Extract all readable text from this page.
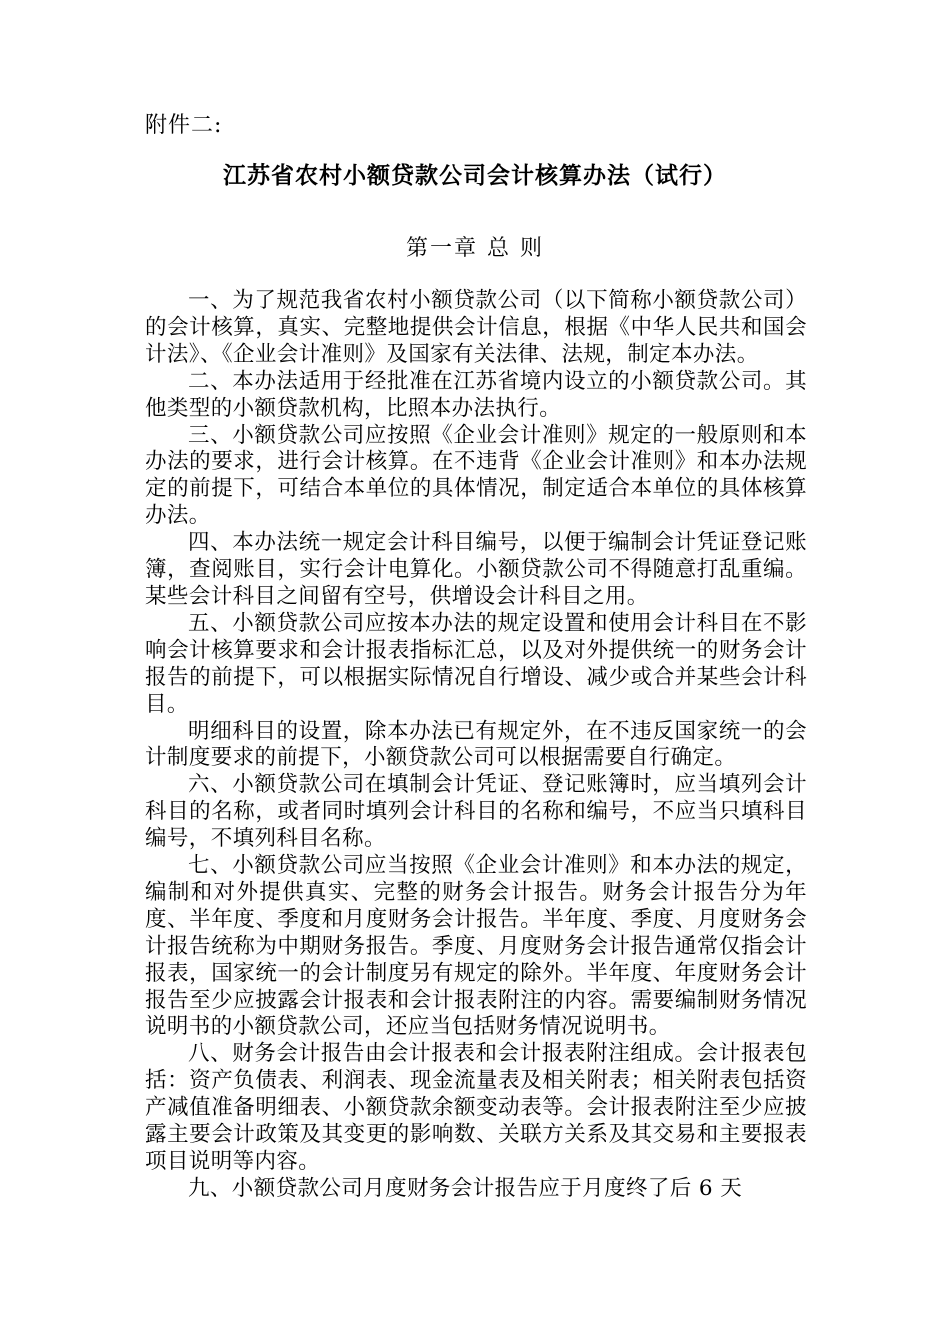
附件二:
江苏省农村小额贷款公司会计核算办法（试行）
第一章 总 则

一、为了规范我省农村小额贷款公司（以下简称小额贷款公司）的会计核算，真实、完整地提供会计信息，根据《中华人民共和国会计法》、《企业会计准则》及国家有关法律、法规，制定本办法。

二、本办法适用于经批准在江苏省境内设立的小额贷款公司。其他类型的小额贷款机构，比照本办法执行。

三、小额贷款公司应按照《企业会计准则》规定的一般原则和本办法的要求，进行会计核算。在不违背《企业会计准则》和本办法规定的前提下，可结合本单位的具体情况，制定适合本单位的具体核算办法。

四、本办法统一规定会计科目编号，以便于编制会计凭证登记账簿，查阅账目，实行会计电算化。小额贷款公司不得随意打乱重编。某些会计科目之间留有空号，供增设会计科目之用。

五、小额贷款公司应按本办法的规定设置和使用会计科目在不影响会计核算要求和会计报表指标汇总，以及对外提供统一的财务会计报告的前提下，可以根据实际情况自行增设、减少或合并某些会计科目。

明细科目的设置，除本办法已有规定外，在不违反国家统一的会计制度要求的前提下，小额贷款公司可以根据需要自行确定。

六、小额贷款公司在填制会计凭证、登记账簿时，应当填列会计科目的名称，或者同时填列会计科目的名称和编号，不应当只填科目编号，不填列科目名称。

七、小额贷款公司应当按照《企业会计准则》和本办法的规定，编制和对外提供真实、完整的财务会计报告。财务会计报告分为年度、半年度、季度和月度财务会计报告。半年度、季度、月度财务会计报告统称为中期财务报告。季度、月度财务会计报告通常仅指会计报表，国家统一的会计制度另有规定的除外。半年度、年度财务会计报告至少应披露会计报表和会计报表附注的内容。需要编制财务情况说明书的小额贷款公司，还应当包括财务情况说明书。

八、财务会计报告由会计报表和会计报表附注组成。会计报表包括：资产负债表、利润表、现金流量表及相关附表；相关附表包括资产减值准备明细表、小额贷款余额变动表等。会计报表附注至少应披露主要会计政策及其变更的影响数、关联方关系及其交易和主要报表项目说明等内容。

九、小额贷款公司月度财务会计报告应于月度终了后 6 天
